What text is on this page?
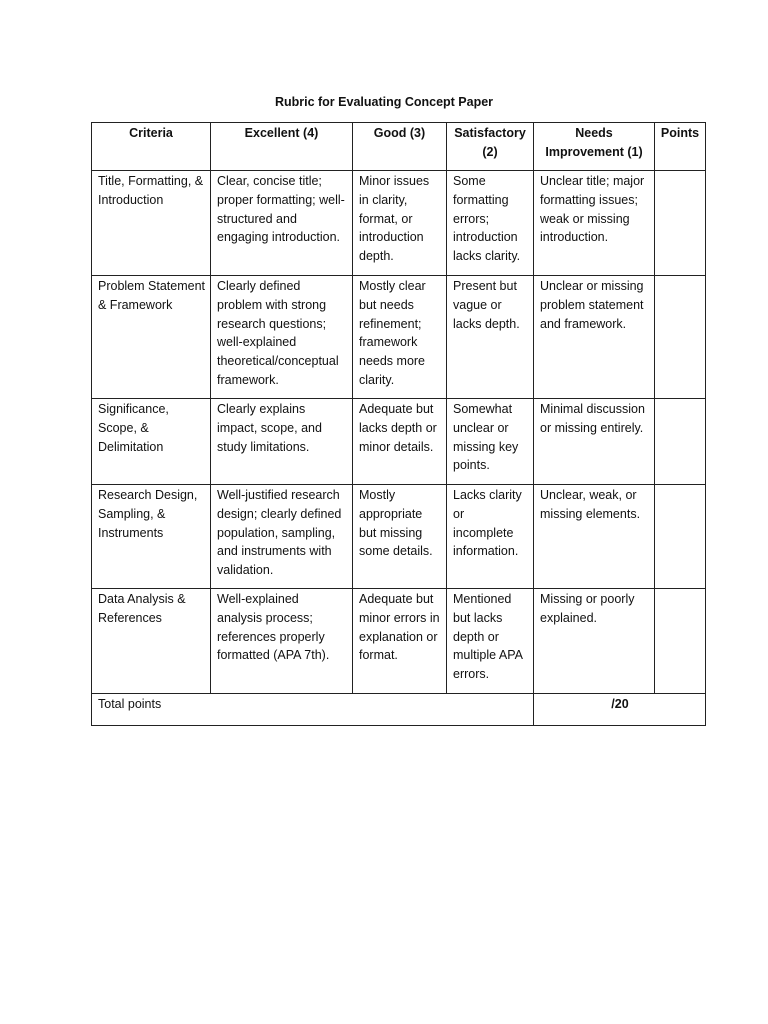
Rubric for Evaluating Concept Paper
Criteria	Excellent (4)	Good (3)	Satisfactory (2)	Needs Improvement (1)	Points
Title, Formatting, & Introduction	Clear, concise title; proper formatting; well-structured and engaging introduction.	Minor issues in clarity, format, or introduction depth.	Some formatting errors; introduction lacks clarity.	Unclear title; major formatting issues; weak or missing introduction.	
Problem Statement & Framework	Clearly defined problem with strong research questions; well-explained theoretical/conceptual framework.	Mostly clear but needs refinement; framework needs more clarity.	Present but vague or lacks depth.	Unclear or missing problem statement and framework.	
Significance, Scope, & Delimitation	Clearly explains impact, scope, and study limitations.	Adequate but lacks depth or minor details.	Somewhat unclear or missing key points.	Minimal discussion or missing entirely.	
Research Design, Sampling, & Instruments	Well-justified research design; clearly defined population, sampling, and instruments with validation.	Mostly appropriate but missing some details.	Lacks clarity or incomplete information.	Unclear, weak, or missing elements.	
Data Analysis & References	Well-explained analysis process; references properly formatted (APA 7th).	Adequate but minor errors in explanation or format.	Mentioned but lacks depth or multiple APA errors.	Missing or poorly explained.	
Total points				/20	
